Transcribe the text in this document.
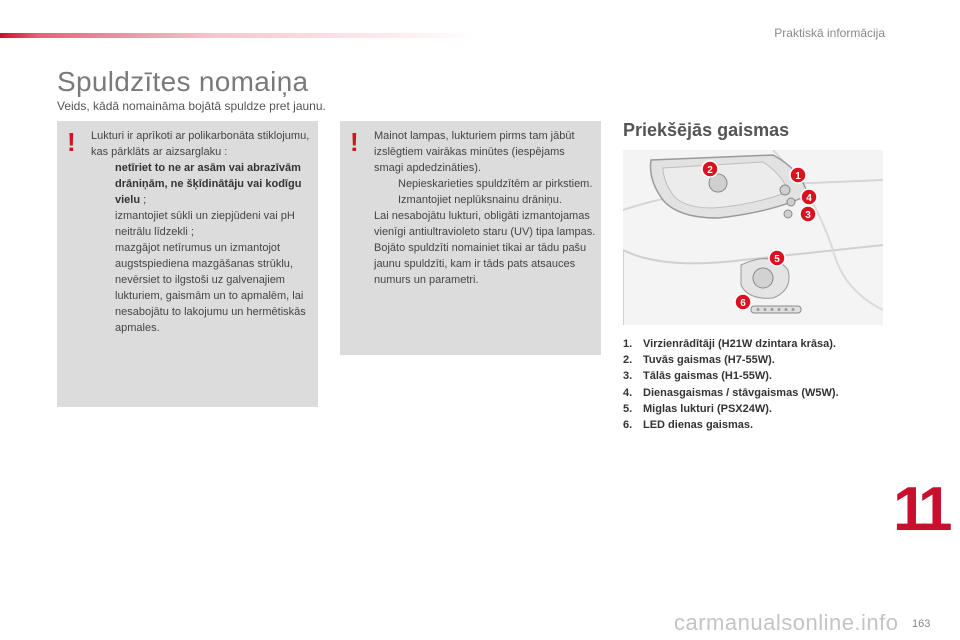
Praktiskā informācija
Spuldzītes nomaiņa
Veids, kādā nomaināma bojātā spuldze pret jaunu.
! Lukturi ir aprīkoti ar polikarbonāta stiklojumu, kas pārklāts ar aizsarglaku :

netīriet to ne ar asām vai abrazīvām drāniņām, ne šķīdinātāju vai kodīgu vielu ;
izmantojiet sūkli un ziepjūdeni vai pH neitrālu līdzekli ;
mazgājot netīrumus un izmantojot augstspiediena mazgāšanas strūklu, nevērsiet to ilgstoši uz galvenajiem lukturiem, gaismām un to apmalēm, lai nesabojātu to lakojumu un hermētiskās apmales.
! Mainot lampas, lukturiem pirms tam jābūt izslēgtiem vairākas minūtes (iespējams smagi apdedzināties).

Nepieskarieties spuldzītēm ar pirkstiem. Izmantojiet neplūksnainu drāniņu.

Lai nesabojātu lukturi, obligāti izmantojamas vienīgi antiultravioleto staru (UV) tipa lampas.

Bojāto spuldzīti nomainiet tikai ar tādu pašu jaunu spuldzīti, kam ir tāds pats atsauces numurs un parametri.

Priekšējās gaismas
1
2
3
4
5
6
1. Virzienrādītāji (H21W dzintara krāsa).
2. Tuvās gaismas (H7-55W).
3. Tālās gaismas (H1-55W).
4. Dienasgaismas / stāvgaismas (W5W).
5. Miglas lukturi (PSX24W).
6. LED dienas gaismas.
11
carmanualsonline.info 163
